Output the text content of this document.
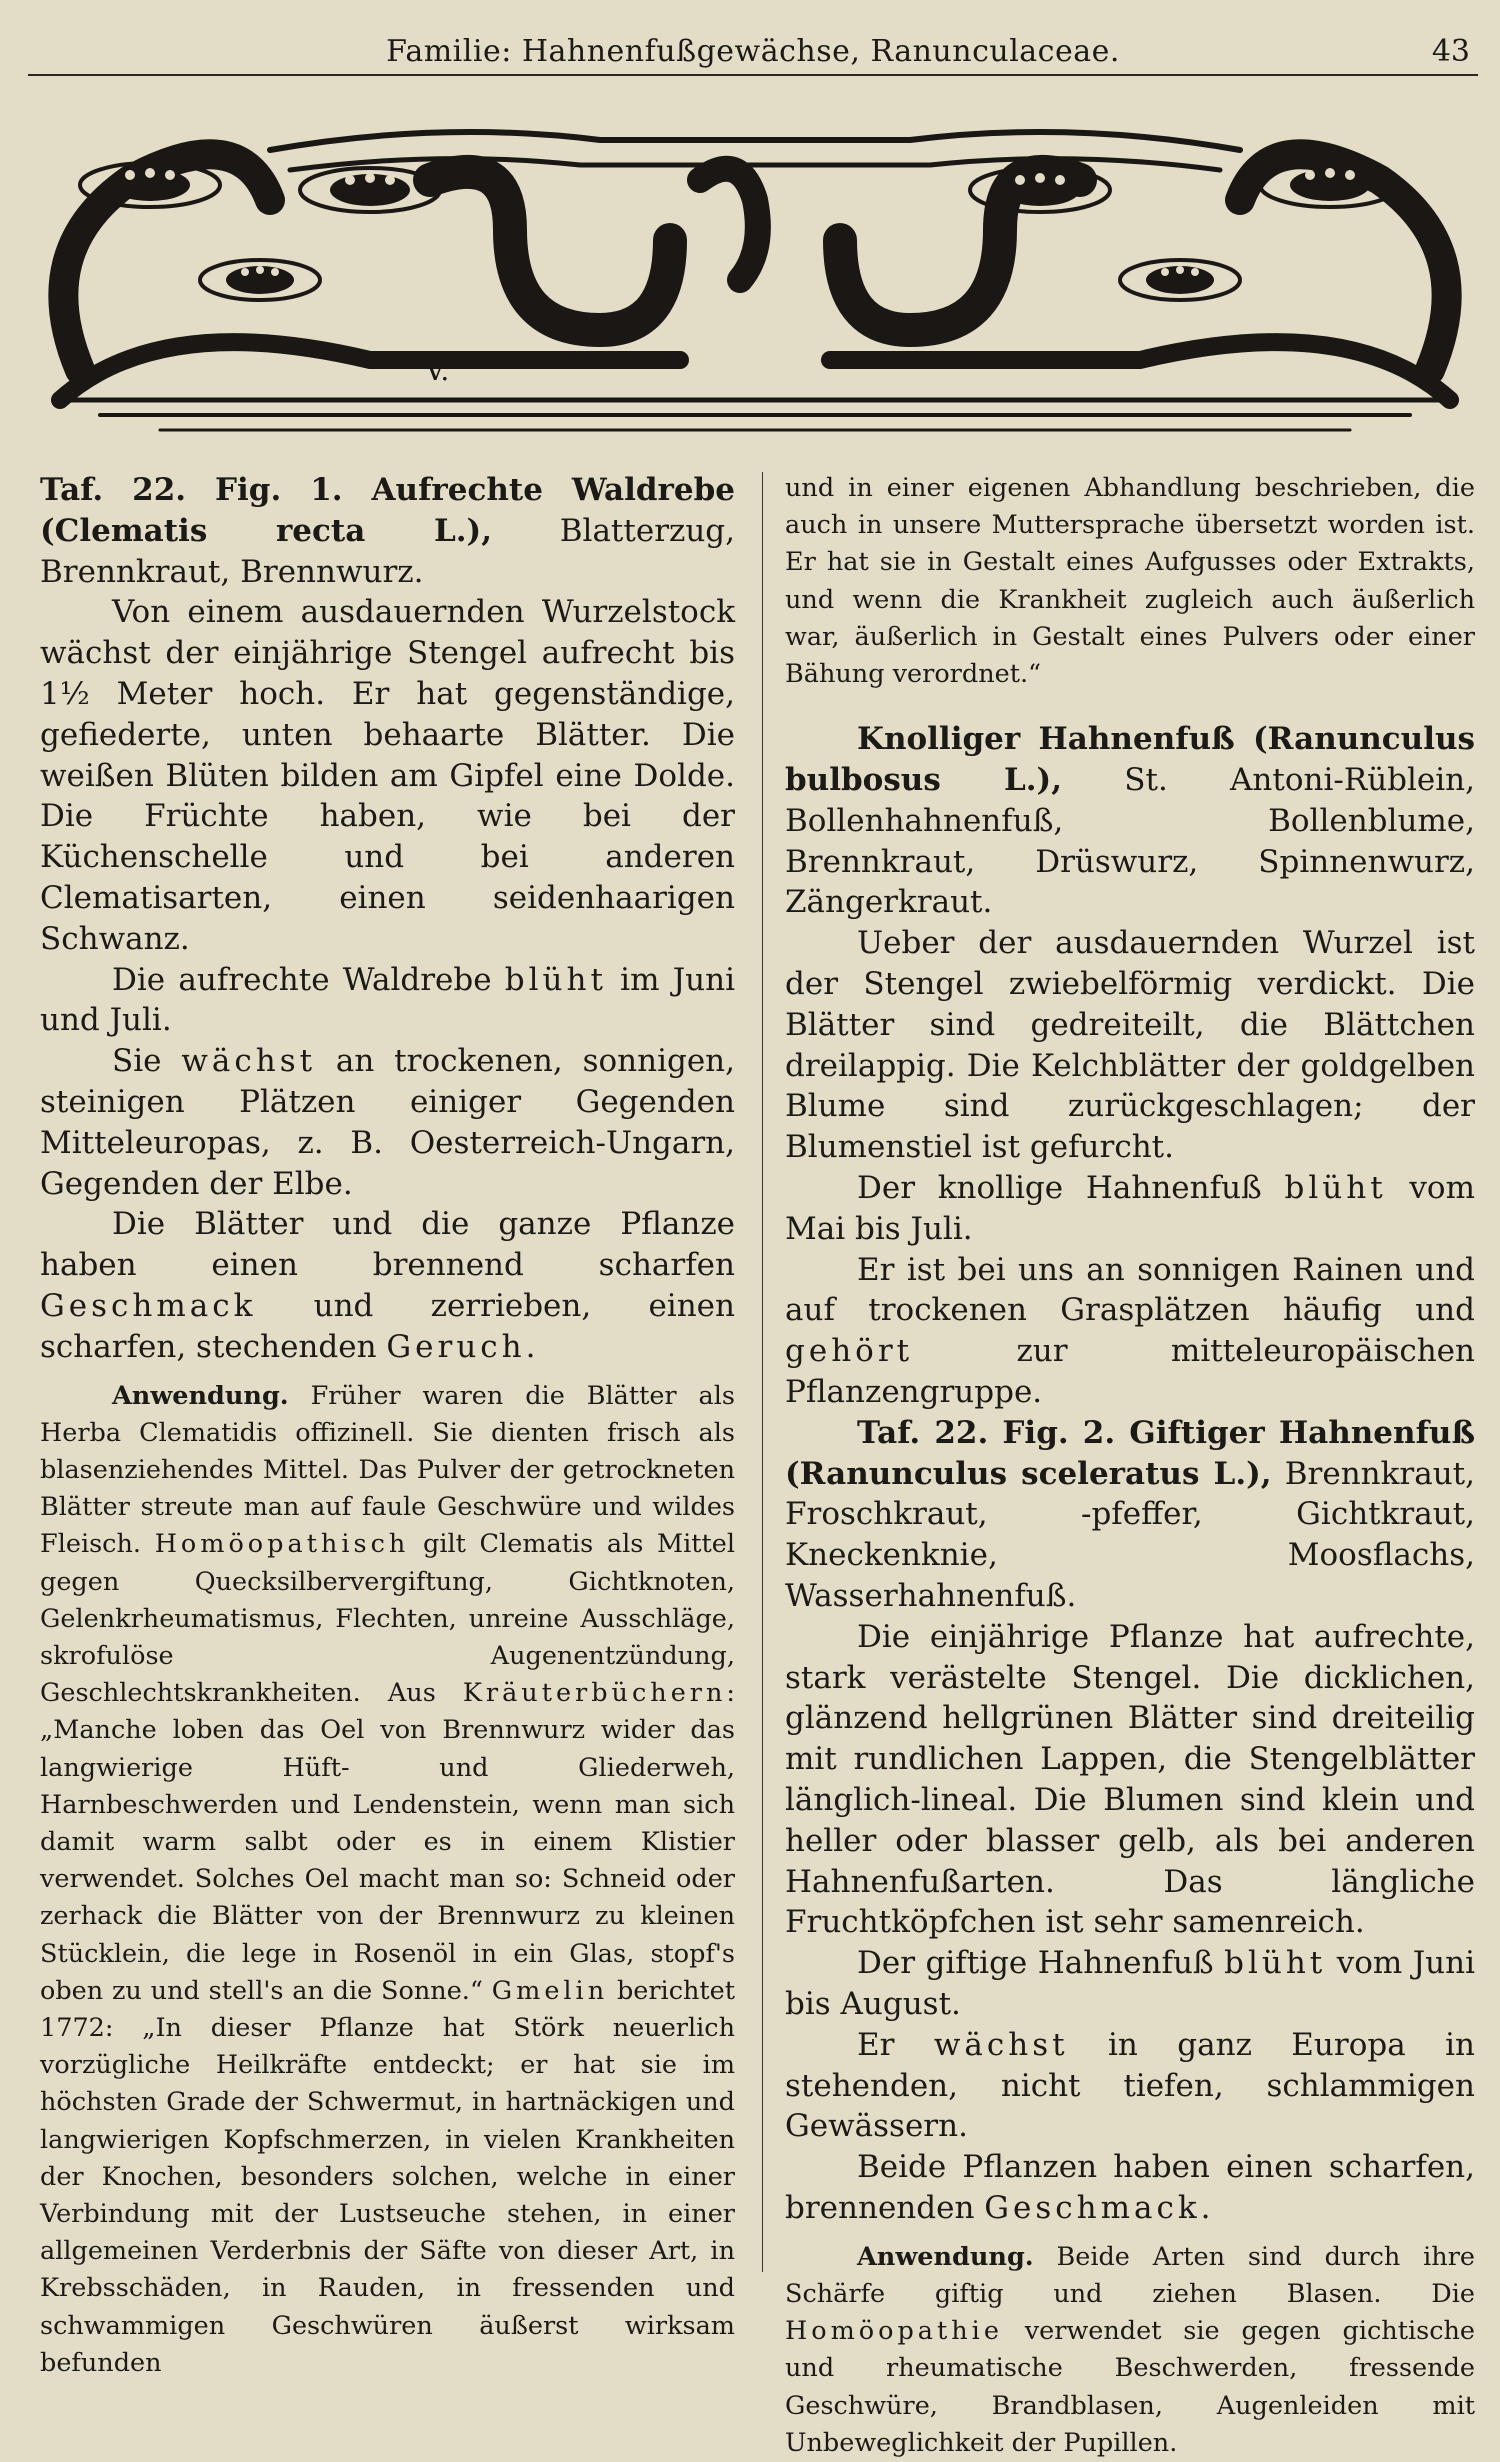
Familie: Hahnenfußgewächse, Ranunculaceae.	43
V.

Taf. 22. Fig. 1. Aufrechte Waldrebe (Clematis recta L.), Blatterzug, Brennkraut, Brennwurz.

Von einem ausdauernden Wurzelstock wächst der einjährige Stengel aufrecht bis 1½ Meter hoch. Er hat gegenständige, gefiederte, unten behaarte Blätter. Die weißen Blüten bilden am Gipfel eine Dolde. Die Früchte haben, wie bei der Küchenschelle und bei anderen Clematisarten, einen seidenhaarigen Schwanz.

Die aufrechte Waldrebe blüht im Juni und Juli.

Sie wächst an trockenen, sonnigen, steinigen Plätzen einiger Gegenden Mitteleuropas, z. B. Oesterreich-Ungarn, Gegenden der Elbe.

Die Blätter und die ganze Pflanze haben einen brennend scharfen Geschmack und zerrieben, einen scharfen, stechenden Geruch.

Anwendung. Früher waren die Blätter als Herba Clematidis offizinell. Sie dienten frisch als blasenziehendes Mittel. Das Pulver der getrockneten Blätter streute man auf faule Geschwüre und wildes Fleisch. Homöopathisch gilt Clematis als Mittel gegen Quecksilbervergiftung, Gichtknoten, Gelenkrheumatismus, Flechten, unreine Ausschläge, skrofulöse Augenentzündung, Geschlechtskrankheiten. Aus Kräuterbüchern: „Manche loben das Oel von Brennwurz wider das langwierige Hüft- und Gliederweh, Harnbeschwerden und Lendenstein, wenn man sich damit warm salbt oder es in einem Klistier verwendet. Solches Oel macht man so: Schneid oder zerhack die Blätter von der Brennwurz zu kleinen Stücklein, die lege in Rosenöl in ein Glas, stopf's oben zu und stell's an die Sonne.“ Gmelin berichtet 1772: „In dieser Pflanze hat Störk neuerlich vorzügliche Heilkräfte entdeckt; er hat sie im höchsten Grade der Schwermut, in hartnäckigen und langwierigen Kopfschmerzen, in vielen Krankheiten der Knochen, besonders solchen, welche in einer Verbindung mit der Lustseuche stehen, in einer allgemeinen Verderbnis der Säfte von dieser Art, in Krebsschäden, in Rauden, in fressenden und schwammigen Geschwüren äußerst wirksam befunden

und in einer eigenen Abhandlung beschrieben, die auch in unsere Muttersprache übersetzt worden ist. Er hat sie in Gestalt eines Aufgusses oder Extrakts, und wenn die Krankheit zugleich auch äußerlich war, äußerlich in Gestalt eines Pulvers oder einer Bähung verordnet.“

Knolliger Hahnenfuß (Ranunculus bulbosus L.), St. Antoni-Rüblein, Bollenhahnenfuß, Bollenblume, Brennkraut, Drüswurz, Spinnenwurz, Zängerkraut.

Ueber der ausdauernden Wurzel ist der Stengel zwiebelförmig verdickt. Die Blätter sind gedreiteilt, die Blättchen dreilappig. Die Kelchblätter der goldgelben Blume sind zurückgeschlagen; der Blumenstiel ist gefurcht.

Der knollige Hahnenfuß blüht vom Mai bis Juli.

Er ist bei uns an sonnigen Rainen und auf trockenen Grasplätzen häufig und gehört zur mitteleuropäischen Pflanzengruppe.

Taf. 22. Fig. 2. Giftiger Hahnenfuß (Ranunculus sceleratus L.), Brennkraut, Froschkraut, -pfeffer, Gichtkraut, Kneckenknie, Moosflachs, Wasserhahnenfuß.

Die einjährige Pflanze hat aufrechte, stark verästelte Stengel. Die dicklichen, glänzend hellgrünen Blätter sind dreiteilig mit rundlichen Lappen, die Stengelblätter länglich-lineal. Die Blumen sind klein und heller oder blasser gelb, als bei anderen Hahnenfußarten. Das längliche Fruchtköpfchen ist sehr samenreich.

Der giftige Hahnenfuß blüht vom Juni bis August.

Er wächst in ganz Europa in stehenden, nicht tiefen, schlammigen Gewässern.

Beide Pflanzen haben einen scharfen, brennenden Geschmack.

Anwendung. Beide Arten sind durch ihre Schärfe giftig und ziehen Blasen. Die Homöopathie verwendet sie gegen gichtische und rheumatische Beschwerden, fressende Geschwüre, Brandblasen, Augenleiden mit Unbeweglichkeit der Pupillen.
